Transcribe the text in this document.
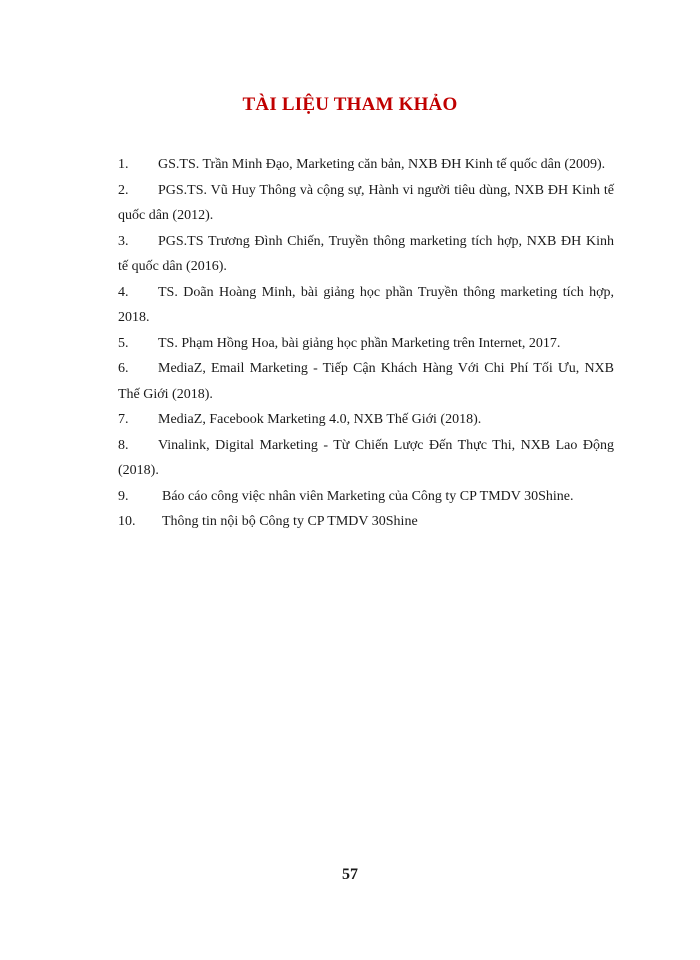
TÀI LIỆU THAM KHẢO
1. GS.TS. Trần Minh Đạo, Marketing căn bản, NXB ĐH Kinh tế quốc dân (2009).
2. PGS.TS. Vũ Huy Thông và cộng sự, Hành vi người tiêu dùng, NXB ĐH Kinh tế quốc dân (2012).
3. PGS.TS Trương Đình Chiến, Truyền thông marketing tích hợp, NXB ĐH Kinh tế quốc dân (2016).
4. TS. Doãn Hoàng Minh, bài giảng học phần Truyền thông marketing tích hợp, 2018.
5. TS. Phạm Hồng Hoa, bài giảng học phần Marketing trên Internet, 2017.
6. MediaZ, Email Marketing - Tiếp Cận Khách Hàng Với Chi Phí Tối Ưu, NXB Thế Giới (2018).
7. MediaZ, Facebook Marketing 4.0, NXB Thế Giới (2018).
8. Vinalink, Digital Marketing - Từ Chiến Lược Đến Thực Thi, NXB Lao Động (2018).
9. Báo cáo công việc nhân viên Marketing của Công ty CP TMDV 30Shine.
10. Thông tin nội bộ Công ty CP TMDV 30Shine
57
